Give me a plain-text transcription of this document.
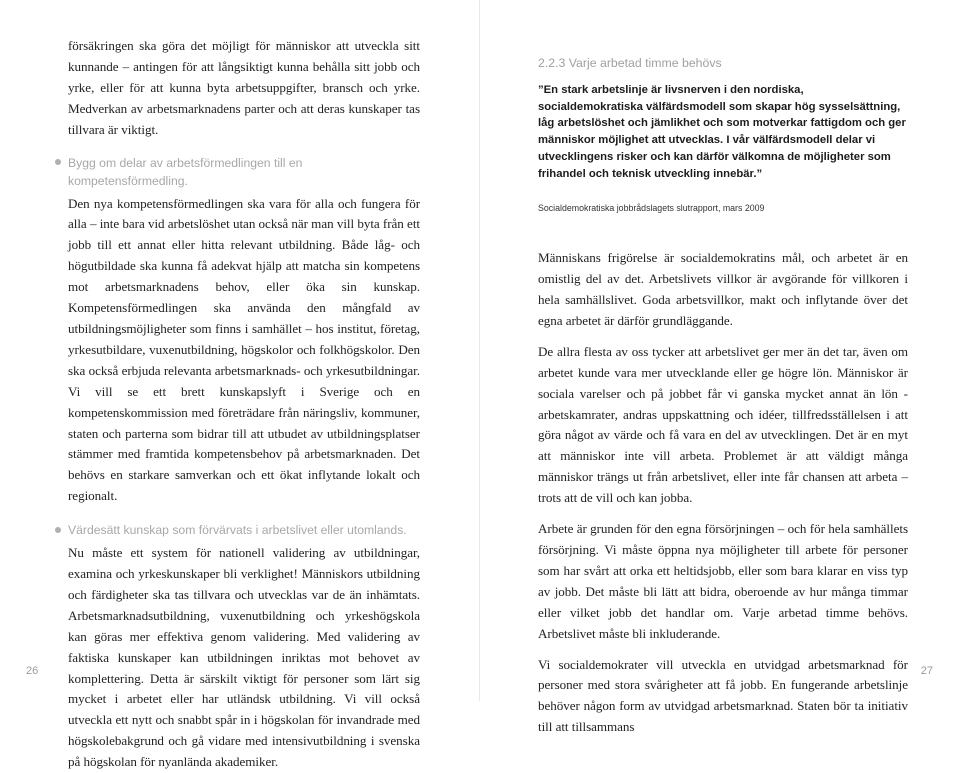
försäkringen ska göra det möjligt för människor att utveckla sitt kunnande – antingen för att långsiktigt kunna behålla sitt jobb och yrke, eller för att kunna byta arbetsuppgifter, bransch och yrke. Medverkan av arbetsmarknadens parter och att deras kunskaper tas tillvara är viktigt.

Bygg om delar av arbetsförmedlingen till en kompetensförmedling.

Den nya kompetensförmedlingen ska vara för alla och fungera för alla – inte bara vid arbetslöshet utan också när man vill byta från ett jobb till ett annat eller hitta relevant utbildning. Både låg- och högutbildade ska kunna få adekvat hjälp att matcha sin kompetens mot arbetsmarknadens behov, eller öka sin kunskap. Kompetensförmedlingen ska använda den mångfald av utbildningsmöjligheter som finns i samhället – hos institut, företag, yrkesutbildare, vuxenutbildning, högskolor och folkhögskolor. Den ska också erbjuda relevanta arbetsmarknads- och yrkesutbildningar. Vi vill se ett brett kunskapslyft i Sverige och en kompetenskommission med företrädare från näringsliv, kommuner, staten och parterna som bidrar till att utbudet av utbildningsplatser stämmer med framtida kompetensbehov på arbetsmarknaden. Det behövs en starkare samverkan och ett ökat inflytande lokalt och regionalt.

Värdesätt kunskap som förvärvats i arbetslivet eller utomlands.

Nu måste ett system för nationell validering av utbildningar, examina och yrkeskunskaper bli verklighet! Människors utbildning och färdigheter ska tas tillvara och utvecklas var de än inhämtats. Arbetsmarknadsutbildning, vuxenutbildning och yrkeshögskola kan göras mer effektiva genom validering. Med validering av faktiska kunskaper kan utbildningen inriktas mot behovet av komplettering. Detta är särskilt viktigt för personer som lärt sig mycket i arbetet eller har utländsk utbildning. Vi vill också utveckla ett nytt och snabbt spår in i högskolan för invandrade med högskolebakgrund och gå vidare med intensivutbildning i svenska på högskolan för nyanlända akademiker.

26
2.2.3 Varje arbetad timme behövs

”En stark arbetslinje är livsnerven i den nordiska, socialdemokratiska välfärdsmodell som skapar hög sysselsättning, låg arbetslöshet och jämlikhet och som motverkar fattigdom och ger människor möjlighet att utvecklas. I vår välfärdsmodell delar vi utvecklingens risker och kan därför välkomna de möjligheter som frihandel och teknisk utveckling innebär.”

Socialdemokratiska jobbrådslagets slutrapport, mars 2009

Människans frigörelse är socialdemokratins mål, och arbetet är en omistlig del av det. Arbetslivets villkor är avgörande för villkoren i hela samhällslivet. Goda arbetsvillkor, makt och inflytande över det egna arbetet är därför grundläggande.

De allra flesta av oss tycker att arbetslivet ger mer än det tar, även om arbetet kunde vara mer utvecklande eller ge högre lön. Människor är sociala varelser och på jobbet får vi ganska mycket annat än lön - arbetskamrater, andras uppskattning och idéer, tillfredsställelsen i att göra något av värde och få vara en del av utvecklingen. Det är en myt att människor inte vill arbeta. Problemet är att väldigt många människor trängs ut från arbetslivet, eller inte får chansen att arbeta – trots att de vill och kan jobba.

Arbete är grunden för den egna försörjningen – och för hela samhällets försörjning. Vi måste öppna nya möjligheter till arbete för personer som har svårt att orka ett heltidsjobb, eller som bara klarar en viss typ av jobb. Det måste bli lätt att bidra, oberoende av hur många timmar eller vilket jobb det handlar om. Varje arbetad timme behövs. Arbetslivet måste bli inkluderande.

Vi socialdemokrater vill utveckla en utvidgad arbetsmarknad för personer med stora svårigheter att få jobb. En fungerande arbetslinje behöver någon form av utvidgad arbetsmarknad. Staten bör ta initiativ till att tillsammans

27
